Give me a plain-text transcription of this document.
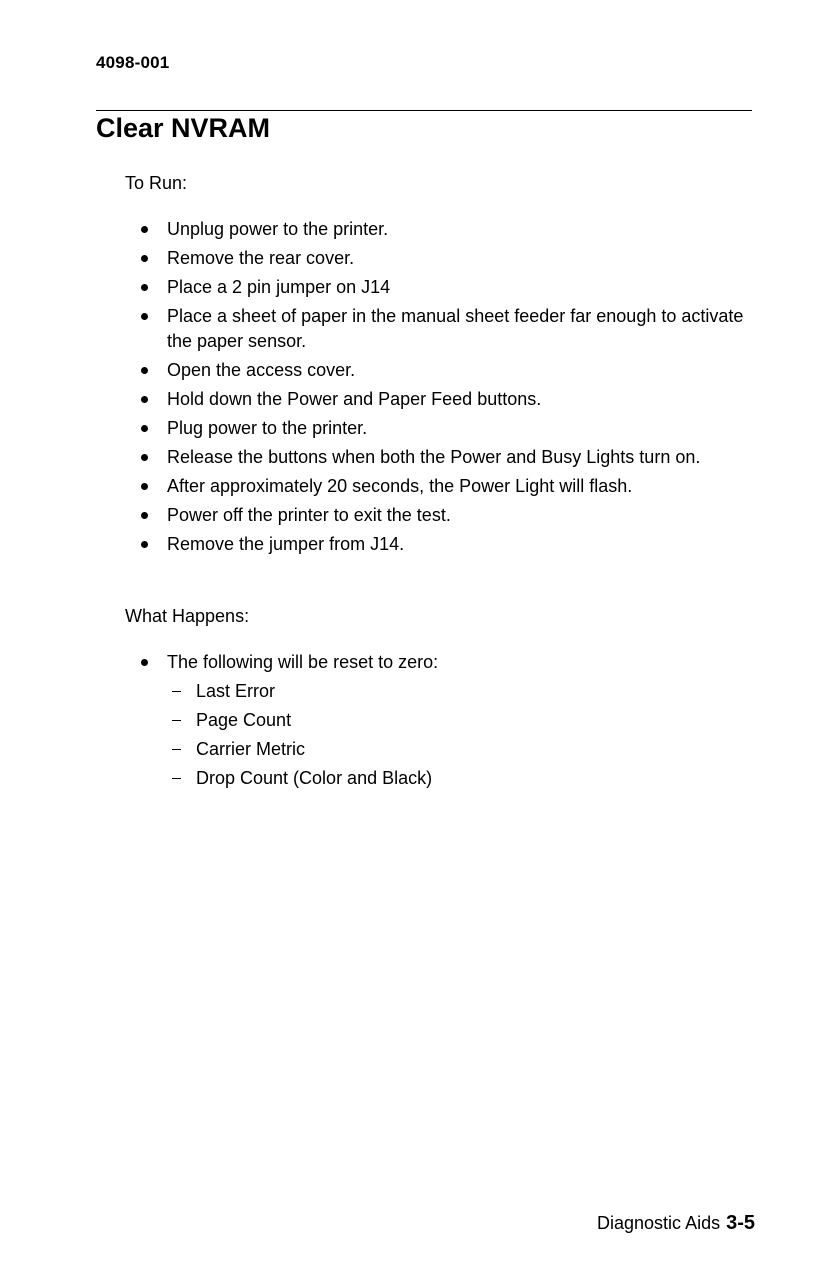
4098-001
Clear NVRAM
To Run:
Unplug power to the printer.
Remove the rear cover.
Place a 2 pin jumper on J14
Place a sheet of paper in the manual sheet feeder far enough to activate the paper sensor.
Open the access cover.
Hold down the Power and Paper Feed buttons.
Plug power to the printer.
Release the buttons when both the Power and Busy Lights turn on.
After approximately 20 seconds, the Power Light will flash.
Power off the printer to exit the test.
Remove the jumper from J14.
What Happens:
The following will be reset to zero:
Last Error
Page Count
Carrier Metric
Drop Count (Color and Black)
Diagnostic Aids 3-5
